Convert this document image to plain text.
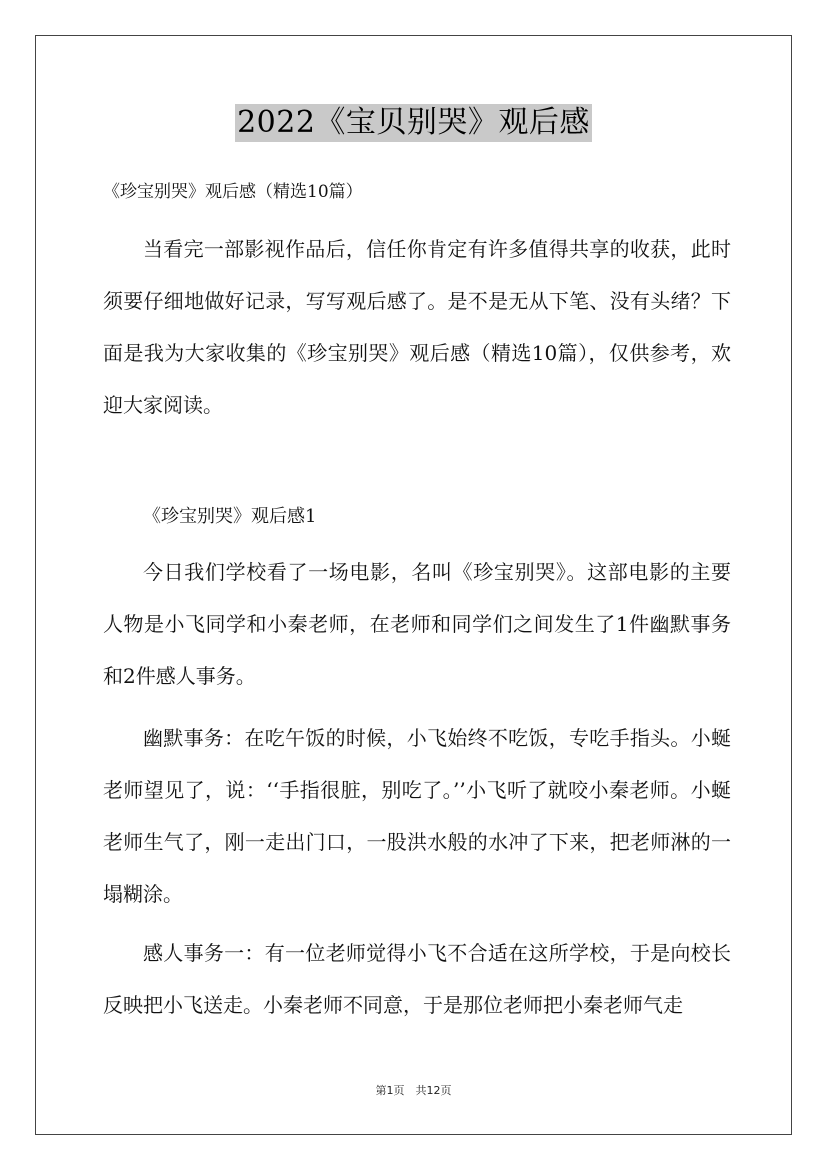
2022《宝贝别哭》观后感
《珍宝别哭》观后感（精选10篇）

当看完一部影视作品后，信任你肯定有许多值得共享的收获，此时须要仔细地做好记录，写写观后感了。是不是无从下笔、没有头绪？下面是我为大家收集的《珍宝别哭》观后感（精选10篇），仅供参考，欢迎大家阅读。

《珍宝别哭》观后感1

今日我们学校看了一场电影，名叫《珍宝别哭》。这部电影的主要人物是小飞同学和小秦老师，在老师和同学们之间发生了1件幽默事务和2件感人事务。

幽默事务：在吃午饭的时候，小飞始终不吃饭，专吃手指头。小蜒老师望见了，说：‘‘手指很脏，别吃了。’’小飞听了就咬小秦老师。小蜒老师生气了，刚一走出门口，一股洪水般的水冲了下来，把老师淋的一塌糊涂。

感人事务一：有一位老师觉得小飞不合适在这所学校，于是向校长反映把小飞送走。小秦老师不同意，于是那位老师把小秦老师气走

第1页　共12页
